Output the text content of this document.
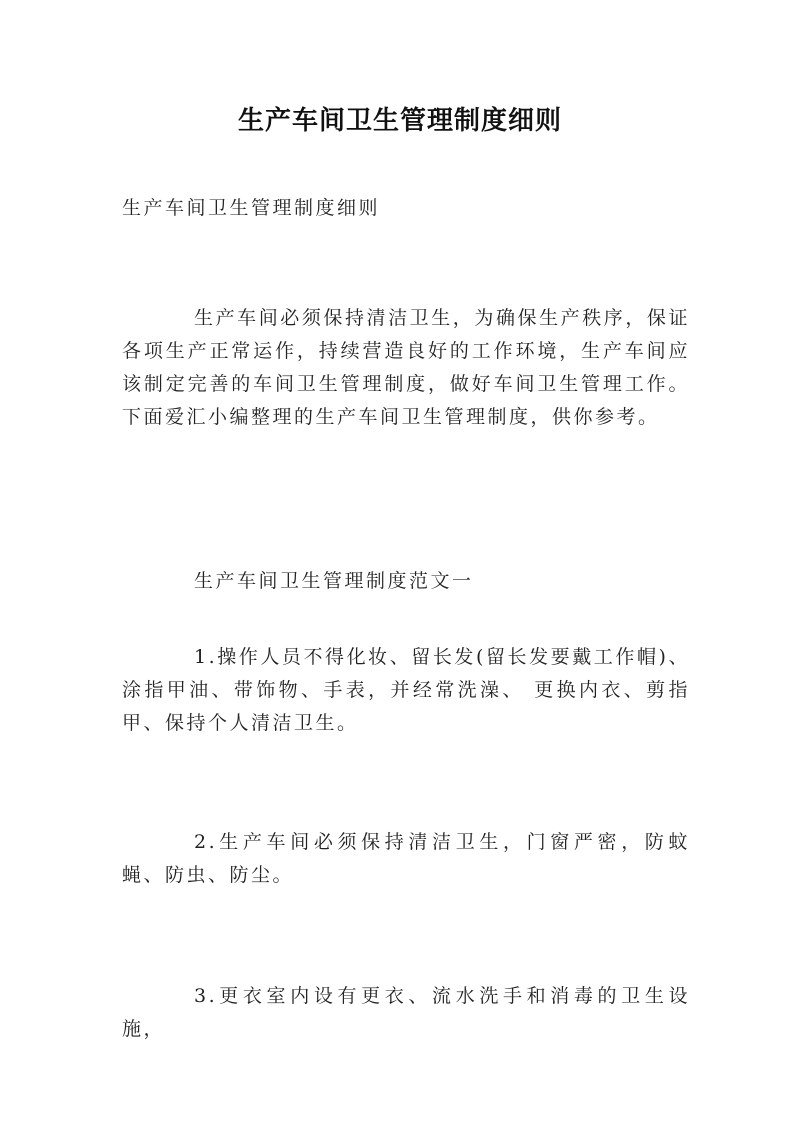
生产车间卫生管理制度细则
生产车间卫生管理制度细则

生产车间必须保持清洁卫生，为确保生产秩序，保证各项生产正常运作，持续营造良好的工作环境，生产车间应该制定完善的车间卫生管理制度，做好车间卫生管理工作。下面爱汇小编整理的生产车间卫生管理制度，供你参考。

生产车间卫生管理制度范文一

1.操作人员不得化妆、留长发(留长发要戴工作帽)、涂指甲油、带饰物、手表，并经常洗澡、 更换内衣、剪指甲、保持个人清洁卫生。

2.生产车间必须保持清洁卫生，门窗严密，防蚊蝇、防虫、防尘。

3.更衣室内设有更衣、流水洗手和消毒的卫生设施，
